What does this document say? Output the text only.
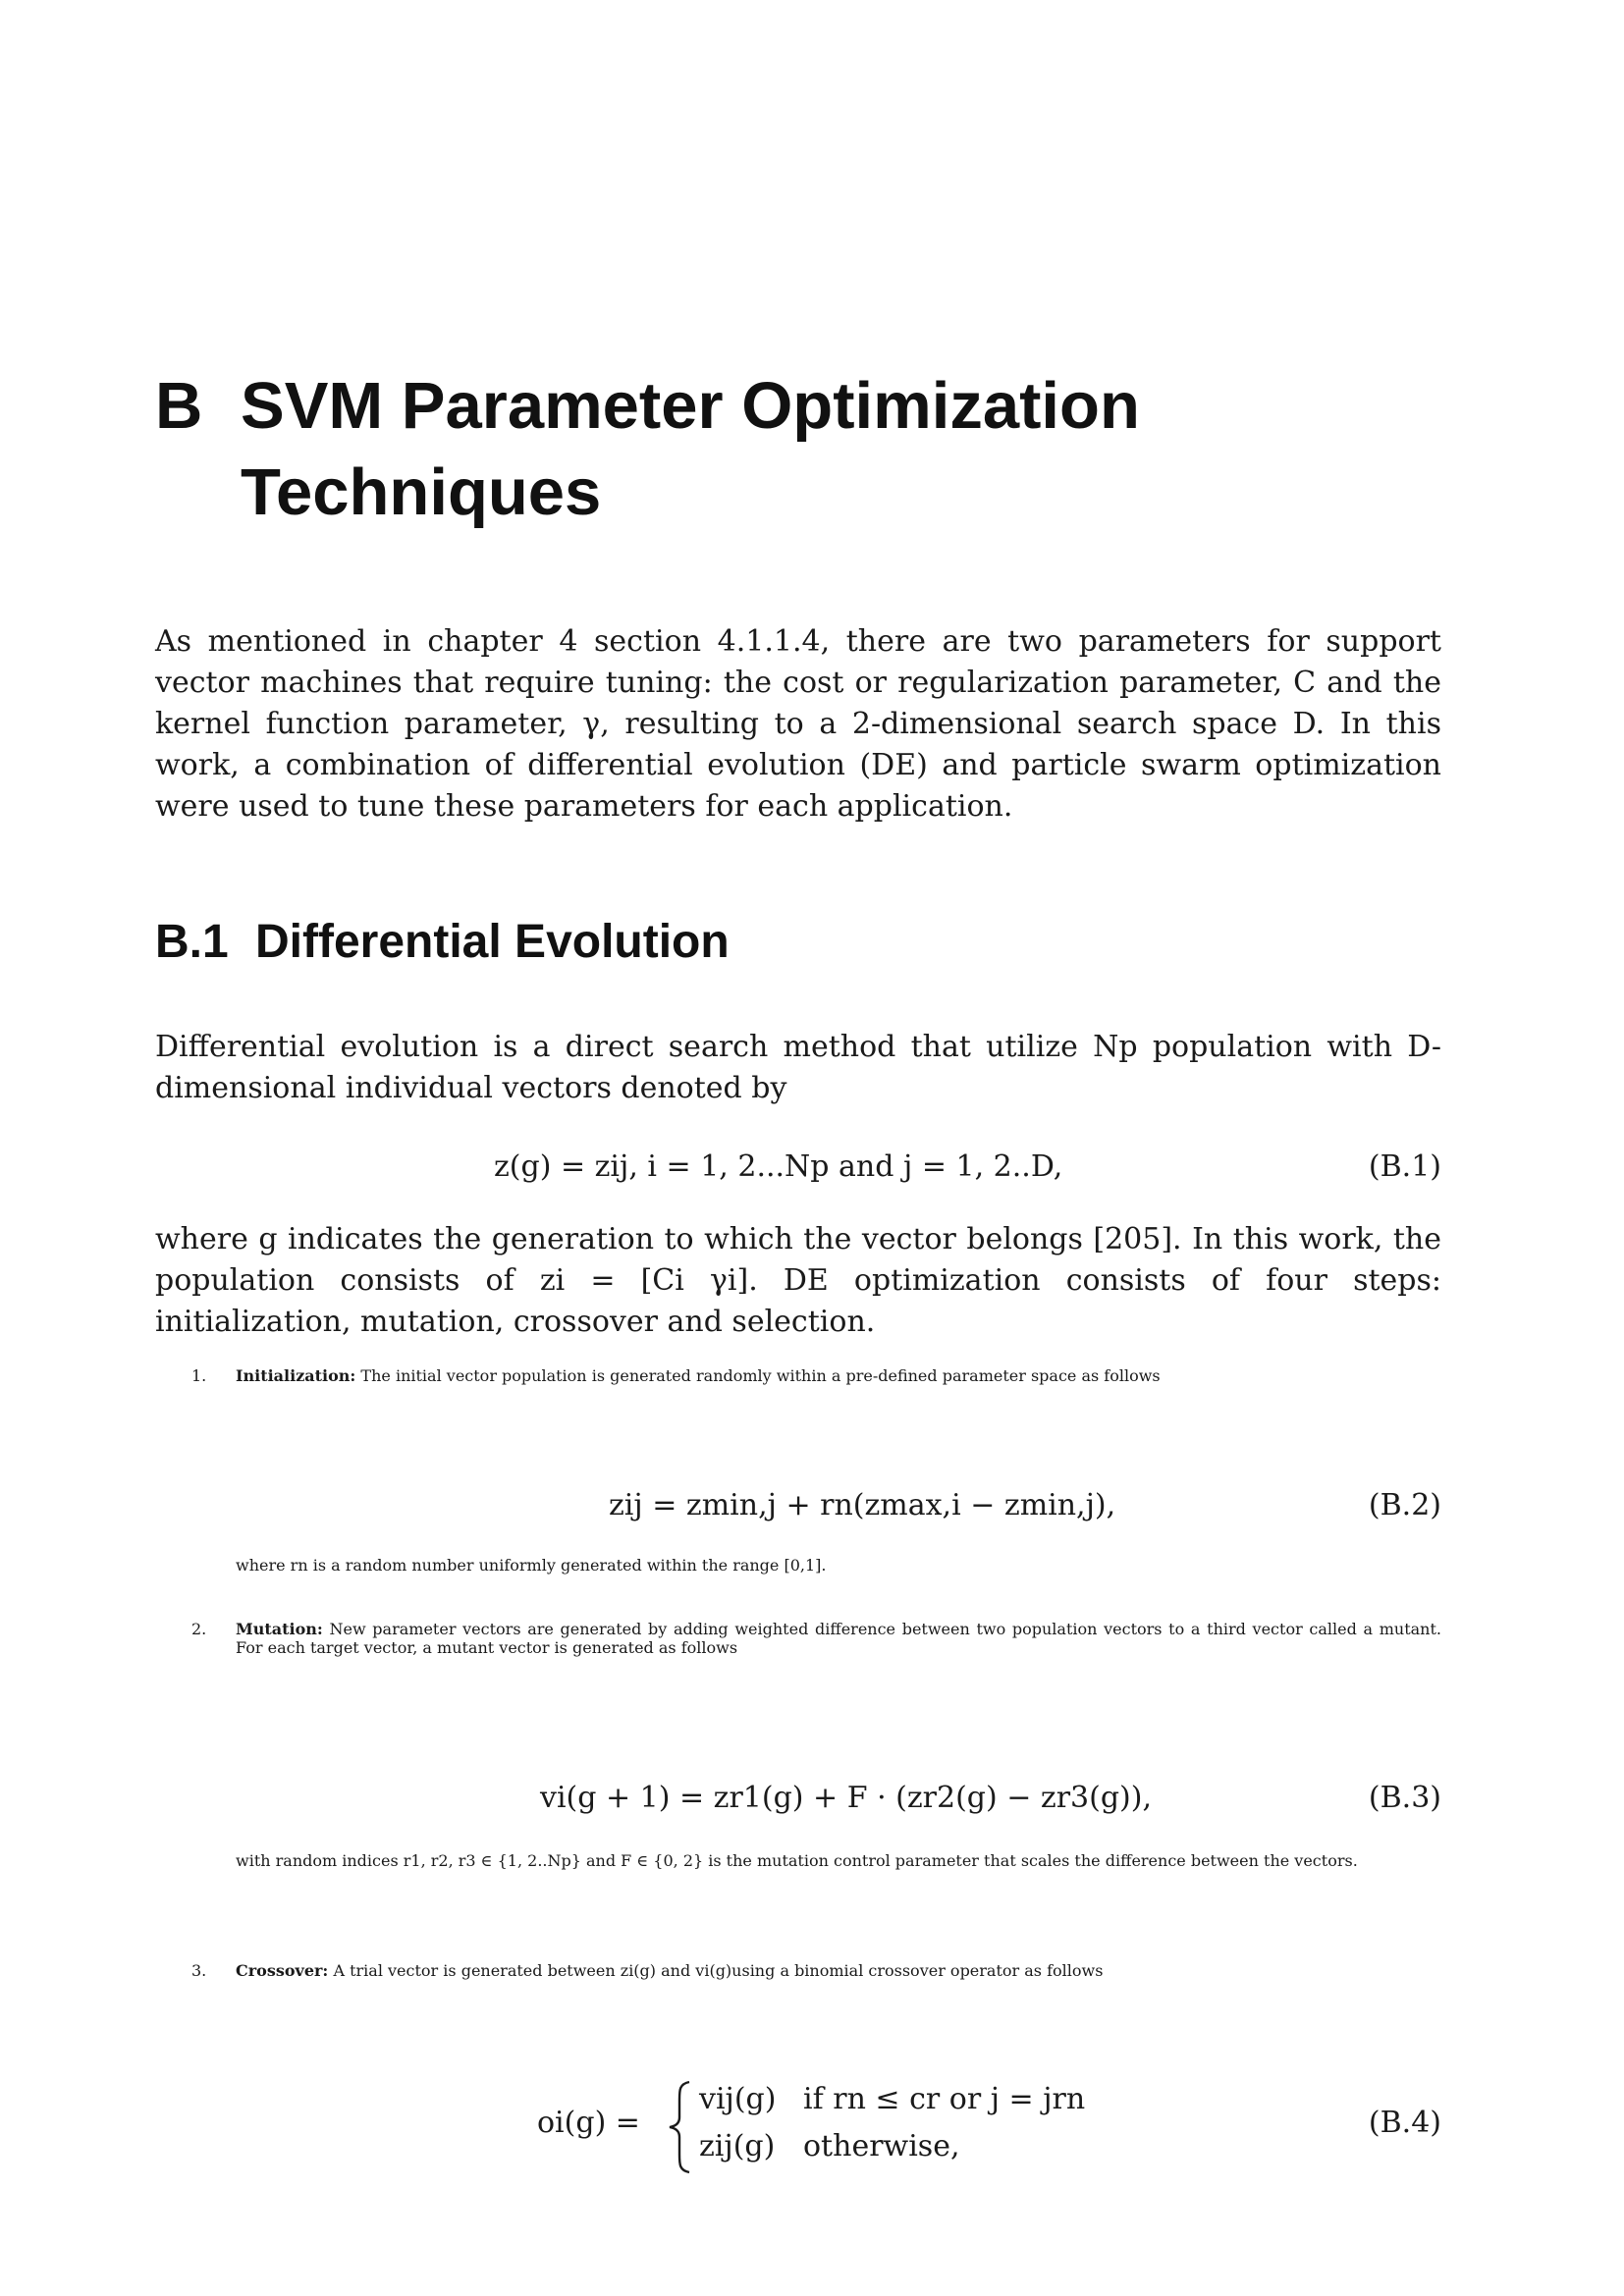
B SVM Parameter Optimization
Techniques

As mentioned in chapter 4 section 4.1.1.4, there are two parameters for support vector machines that require tuning: the cost or regularization parameter, C and the kernel function parameter, γ, resulting to a 2-dimensional search space D. In this work, a combination of differential evolution (DE) and particle swarm optimization were used to tune these parameters for each application.

B.1 Differential Evolution

Differential evolution is a direct search method that utilize Np population with D-dimensional individual vectors denoted by

z(g) = zij, i = 1, 2...Np and j = 1, 2..D,	(B.1)

where g indicates the generation to which the vector belongs [205]. In this work, the population consists of zi = [Ci γi]. DE optimization consists of four steps: initialization, mutation, crossover and selection.

1. Initialization: The initial vector population is generated randomly within a pre-defined parameter space as follows
zij = zmin,j + rn(zmax,i − zmin,j),	(B.2)
where rn is a random number uniformly generated within the range [0,1].
2. Mutation: New parameter vectors are generated by adding weighted difference between two population vectors to a third vector called a mutant. For each target vector, a mutant vector is generated as follows
vi(g + 1) = zr1(g) + F · (zr2(g) − zr3(g)),	(B.3)
with random indices r1, r2, r3 ∈ {1, 2..Np} and F ∈ {0, 2} is the mutation control parameter that scales the difference between the vectors.
3. Crossover: A trial vector is generated between zi(g) and vi(g)using a binomial crossover operator as follows
oi(g) =
vij(g) if rn ≤ cr or j = jrn
zij(g) otherwise,
(B.4)
